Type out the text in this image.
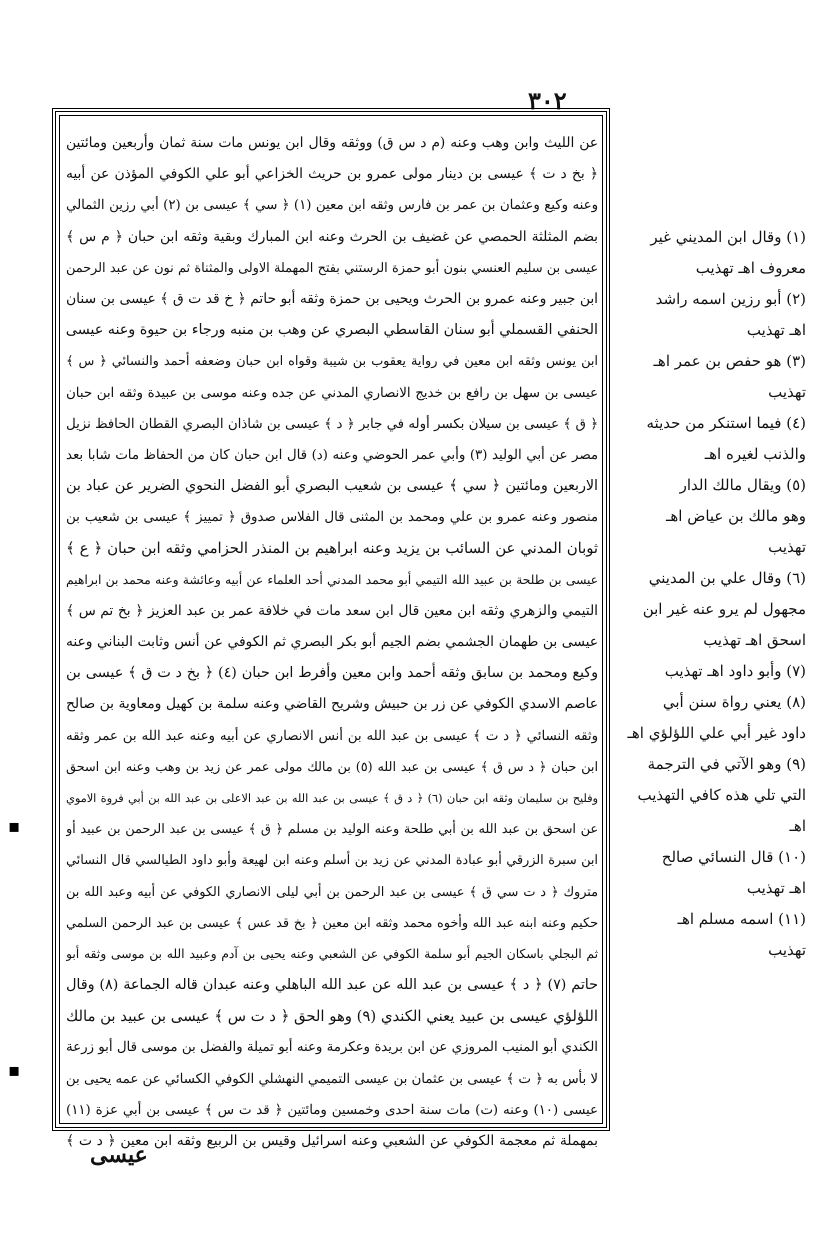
٣٠٢
عن الليث وابن وهب وعنه (م د س ق) ووثقه وقال ابن يونس مات سنة ثمان وأربعين ومائتين
﴿ بخ د ت ﴾ عيسى بن دينار مولى عمرو بن حريث الخزاعي أبو علي الكوفي المؤذن عن أبيه
وعنه وكيع وعثمان بن عمر بن فارس وثقه ابن معين (١) ﴿ سي ﴾ عيسى بن (٢) أبي رزين الثمالي
بضم المثلثة الحمصي عن غضيف بن الحرث وعنه ابن المبارك وبقية وثقه ابن حبان ﴿ م س ﴾
عيسى بن سليم العنسي بنون أبو حمزة الرستني بفتح المهملة الاولى والمثناة ثم نون عن عبد الرحمن
ابن جبير وعنه عمرو بن الحرث ويحيى بن حمزة وثقه أبو حاتم ﴿ خ قد ت ق ﴾ عيسى بن سنان
الحنفي القسملي أبو سنان القاسطي البصري عن وهب بن منبه ورجاء بن حيوة وعنه عيسى
ابن يونس وثقه ابن معين في رواية يعقوب بن شيبة وقواه ابن حبان وضعفه أحمد والنسائي ﴿ س ﴾
عيسى بن سهل بن رافع بن خديج الانصاري المدني عن جده وعنه موسى بن عبيدة وثقه ابن حبان
﴿ ق ﴾ عيسى بن سيلان بكسر أوله في جابر ﴿ د ﴾ عيسى بن شاذان البصري القطان الحافظ نزيل
مصر عن أبي الوليد (٣) وأبي عمر الحوضي وعنه (د) قال ابن حبان كان من الحفاظ مات شابا بعد
الاربعين ومائتين ﴿ سي ﴾ عيسى بن شعيب البصري أبو الفضل النحوي الضرير عن عباد بن
منصور وعنه عمرو بن علي ومحمد بن المثنى قال الفلاس صدوق ﴿ تمييز ﴾ عيسى بن شعيب بن
ثوبان المدني عن السائب بن يزيد وعنه ابراهيم بن المنذر الحزامي وثقه ابن حبان ﴿ ع ﴾
عيسى بن طلحة بن عبيد الله التيمي أبو محمد المدني أحد العلماء عن أبيه وعائشة وعنه محمد بن ابراهيم
التيمي والزهري وثقه ابن معين قال ابن سعد مات في خلافة عمر بن عبد العزيز ﴿ بخ تم س ﴾
عيسى بن طهمان الجشمي بضم الجيم أبو بكر البصري ثم الكوفي عن أنس وثابت البناني وعنه
وكيع ومحمد بن سابق وثقه أحمد وابن معين وأفرط ابن حبان (٤) ﴿ بخ د ت ق ﴾ عيسى بن
عاصم الاسدي الكوفي عن زر بن حبيش وشريح القاضي وعنه سلمة بن كهيل ومعاوية بن صالح
وثقه النسائي ﴿ د ت ﴾ عيسى بن عبد الله بن أنس الانصاري عن أبيه وعنه عبد الله بن عمر وثقه
ابن حبان ﴿ د س ق ﴾ عيسى بن عبد الله (٥) بن مالك مولى عمر عن زيد بن وهب وعنه ابن اسحق
وفليح بن سليمان وثقه ابن حبان (٦) ﴿ د ق ﴾ عيسى بن عبد الله بن عبد الاعلى بن عبد الله بن أبي فروة الاموي
عن اسحق بن عبد الله بن أبي طلحة وعنه الوليد بن مسلم ﴿ ق ﴾ عيسى بن عبد الرحمن بن عبيد أو
ابن سبرة الزرقي أبو عبادة المدني عن زيد بن أسلم وعنه ابن لهيعة وأبو داود الطيالسي قال النسائي
متروك ﴿ د ت سي ق ﴾ عيسى بن عبد الرحمن بن أبي ليلى الانصاري الكوفي عن أبيه وعبد الله بن
حكيم وعنه ابنه عبد الله وأخوه محمد وثقه ابن معين ﴿ بخ قد عس ﴾ عيسى بن عبد الرحمن السلمي
ثم البجلي باسكان الجيم أبو سلمة الكوفي عن الشعبي وعنه يحيى بن آدم وعبيد الله بن موسى وثقه أبو
حاتم (٧) ﴿ د ﴾ عيسى بن عبد الله عن عبد الله الباهلي وعنه عبدان قاله الجماعة (٨) وقال
اللؤلؤي عيسى بن عبيد يعني الكندي (٩) وهو الحق ﴿ د ت س ﴾ عيسى بن عبيد بن مالك
الكندي أبو المنيب المروزي عن ابن بريدة وعكرمة وعنه أبو تميلة والفضل بن موسى قال أبو زرعة
لا بأس به ﴿ ت ﴾ عيسى بن عثمان بن عيسى التميمي النهشلي الكوفي الكسائي عن عمه يحيى بن
عيسى (١٠) وعنه (ت) مات سنة احدى وخمسين ومائتين ﴿ قد ت س ﴾ عيسى بن أبي عزة (١١)
بمهملة ثم معجمة الكوفي عن الشعبي وعنه اسرائيل وقيس بن الربيع وثقه ابن معين ﴿ د ت ﴾
(١) وقال ابن المديني غير
معروف اهـ تهذيب
(٢) أبو رزين اسمه راشد
اهـ تهذيب
(٣) هو حفص بن عمر اهـ
تهذيب
(٤) فيما استنكر من حديثه
والذنب لغيره اهـ
(٥) ويقال مالك الدار
وهو مالك بن عياض اهـ
تهذيب
(٦) وقال علي بن المديني
مجهول لم يرو عنه غير ابن
اسحق اهـ تهذيب
(٧) وأبو داود اهـ تهذيب
(٨) يعني رواة سنن أبي
داود غير أبي علي اللؤلؤي اهـ
(٩) وهو الآتي في الترجمة
التي تلي هذه كافي التهذيب
اهـ
(١٠) قال النسائي صالح
اهـ تهذيب
(١١) اسمه مسلم اهـ
تهذيب
عيسى
▪
▪
